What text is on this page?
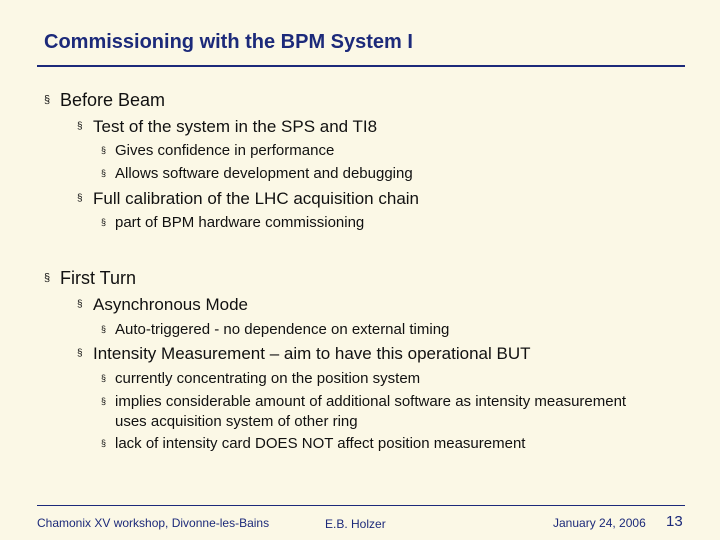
Commissioning with the BPM System I
§ Before Beam
§ Test of the system in the SPS and TI8
§ Gives confidence in performance
§ Allows software development and debugging
§ Full calibration of the LHC acquisition chain
§ part of BPM hardware commissioning
§ First Turn
§ Asynchronous Mode
§ Auto-triggered - no dependence on external timing
§ Intensity Measurement – aim to have this operational BUT
§ currently concentrating on the position system
§ implies considerable amount of additional software as intensity measurement
uses acquisition system of other ring
§ lack of intensity card DOES NOT affect position measurement
Chamonix XV workshop, Divonne-les-Bains	E.B. Holzer	January 24, 2006 13
